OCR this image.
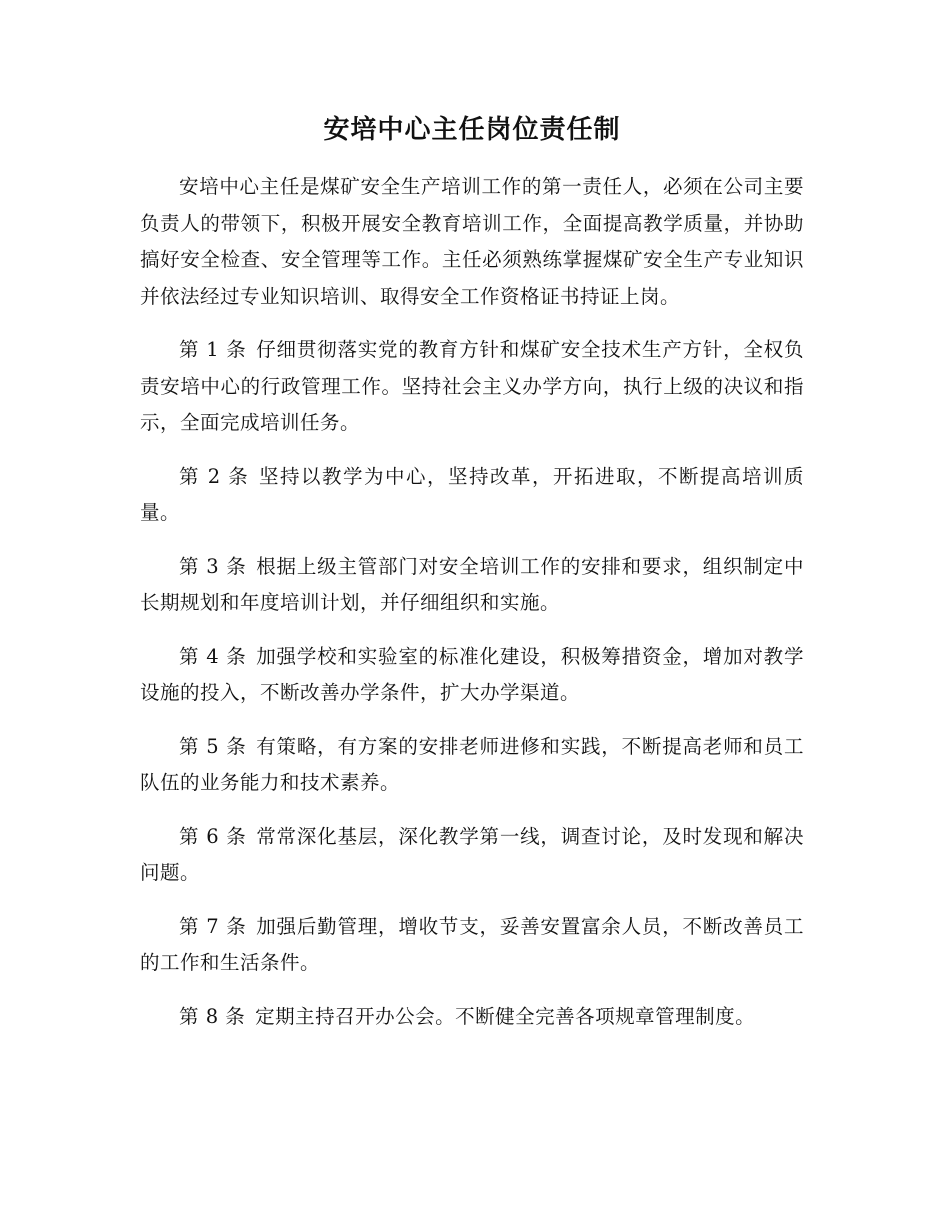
安培中心主任岗位责任制

安培中心主任是煤矿安全生产培训工作的第一责任人，必须在公司主要负责人的带领下，积极开展安全教育培训工作，全面提高教学质量，并协助搞好安全检查、安全管理等工作。主任必须熟练掌握煤矿安全生产专业知识并依法经过专业知识培训、取得安全工作资格证书持证上岗。

第 1 条 仔细贯彻落实党的教育方针和煤矿安全技术生产方针，全权负责安培中心的行政管理工作。坚持社会主义办学方向，执行上级的决议和指示，全面完成培训任务。

第 2 条 坚持以教学为中心，坚持改革，开拓进取，不断提高培训质量。

第 3 条 根据上级主管部门对安全培训工作的安排和要求，组织制定中长期规划和年度培训计划，并仔细组织和实施。

第 4 条 加强学校和实验室的标准化建设，积极筹措资金，增加对教学设施的投入，不断改善办学条件，扩大办学渠道。

第 5 条 有策略，有方案的安排老师进修和实践，不断提高老师和员工队伍的业务能力和技术素养。

第 6 条 常常深化基层，深化教学第一线，调查讨论，及时发现和解决问题。

第 7 条 加强后勤管理，增收节支，妥善安置富余人员，不断改善员工的工作和生活条件。

第 8 条 定期主持召开办公会。不断健全完善各项规章管理制度。
